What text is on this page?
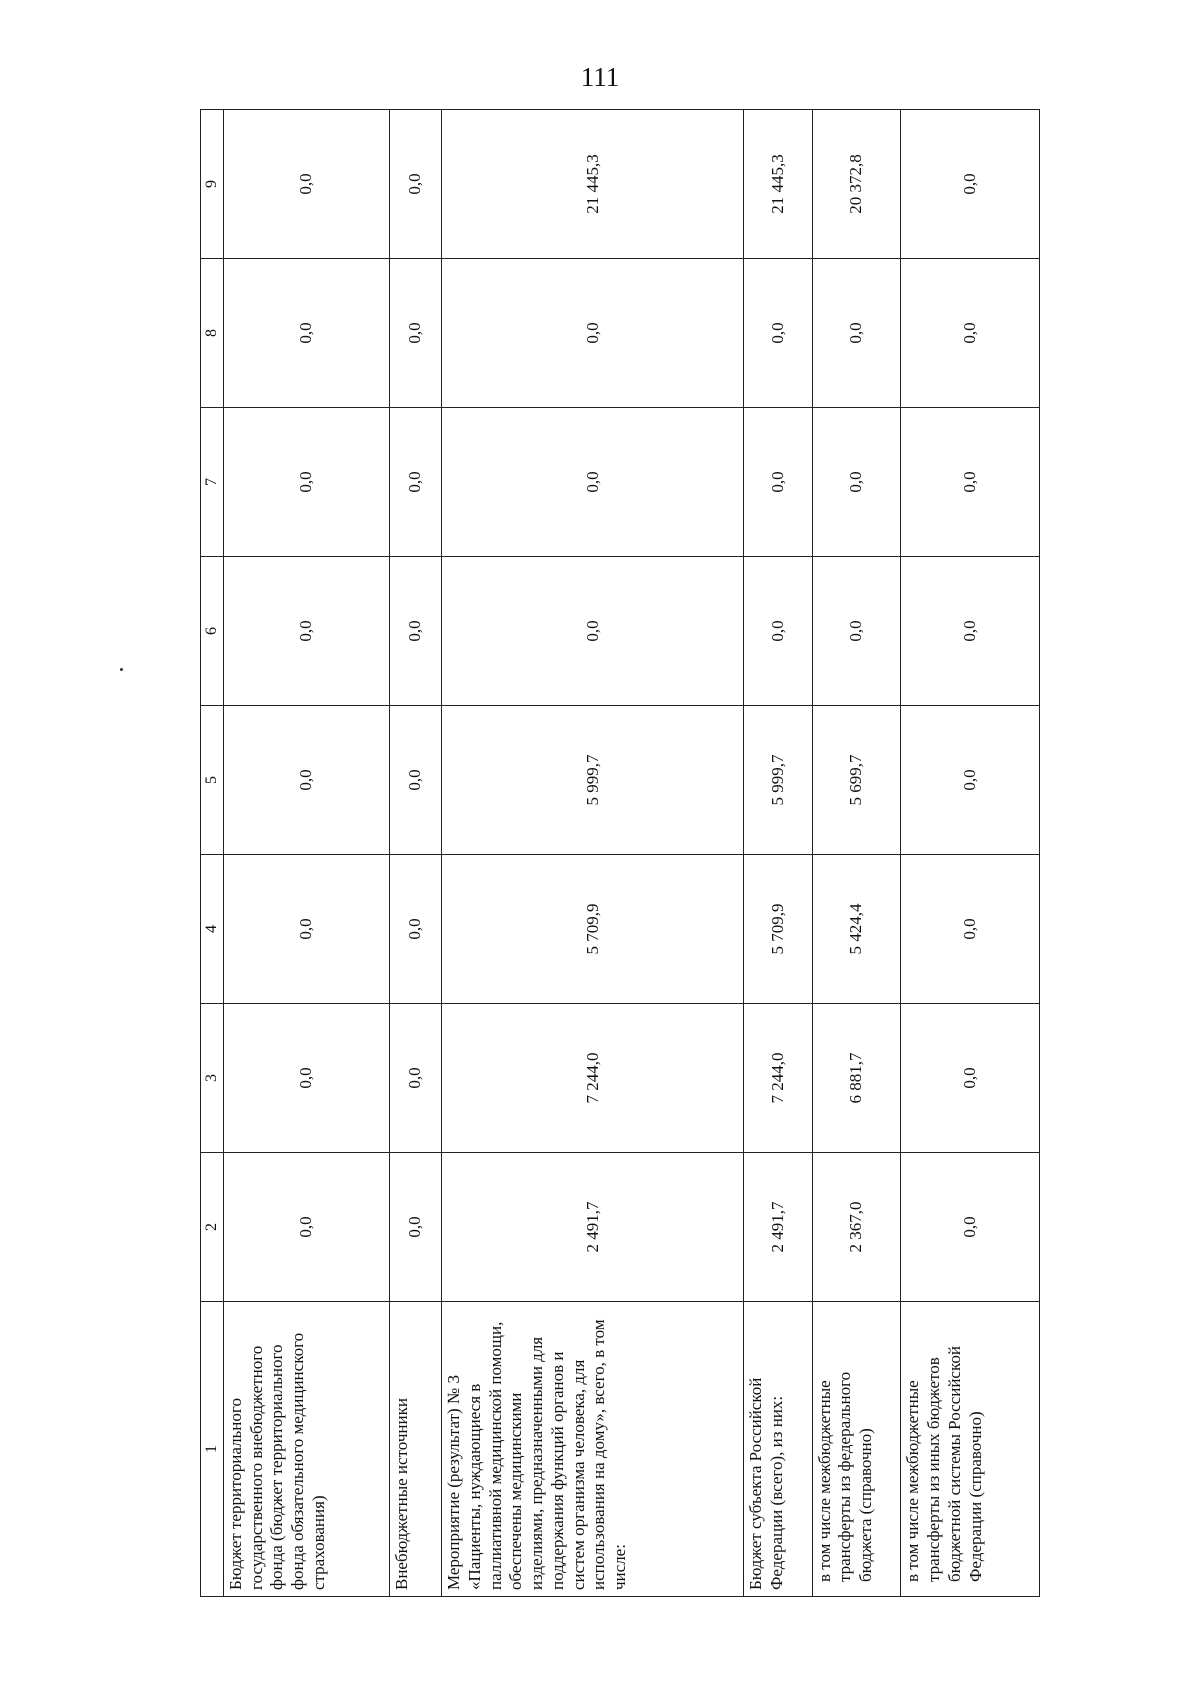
111
1	2	3	4	5	6	7	8	9
Бюджет территориального государственного внебюджетного фонда (бюджет территориального фонда обязательного медицинского страхования)	0,0	0,0	0,0	0,0	0,0	0,0	0,0	0,0
Внебюджетные источники	0,0	0,0	0,0	0,0	0,0	0,0	0,0	0,0
Мероприятие (результат) № 3 «Пациенты, нуждающиеся в паллиативной медицинской помощи, обеспечены медицинскими изделиями, предназначенными для поддержания функций органов и систем организма человека, для использования на дому», всего, в том числе:	2 491,7	7 244,0	5 709,9	5 999,7	0,0	0,0	0,0	21 445,3
Бюджет субъекта Российской Федерации (всего), из них:	2 491,7	7 244,0	5 709,9	5 999,7	0,0	0,0	0,0	21 445,3
в том числе межбюджетные трансферты из федерального бюджета (справочно)	2 367,0	6 881,7	5 424,4	5 699,7	0,0	0,0	0,0	20 372,8
в том числе межбюджетные трансферты из иных бюджетов бюджетной системы Российской Федерации (справочно)	0,0	0,0	0,0	0,0	0,0	0,0	0,0	0,0
